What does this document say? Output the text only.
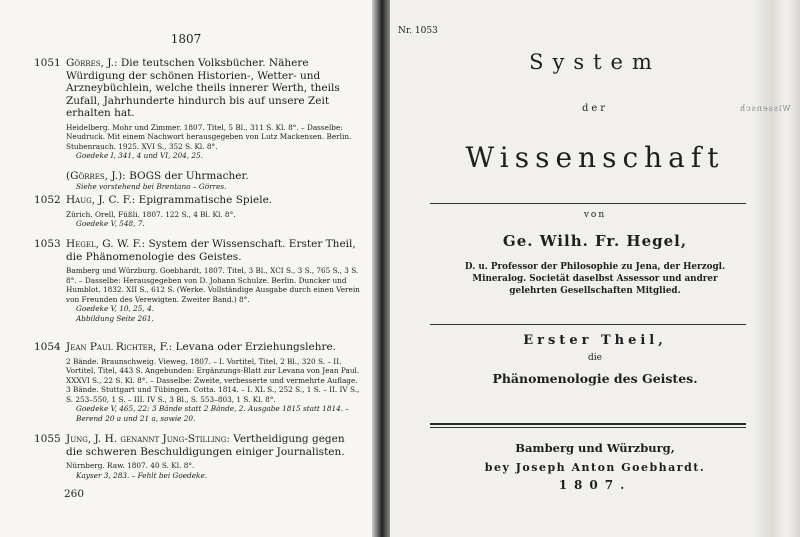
1807
1051 Görres, J.: Die teutschen Volksbücher. Nähere Würdigung der schönen Historien-, Wetter- und Arzneybüchlein, welche theils innerer Werth, theils Zufall, Jahrhunderte hindurch bis auf unsere Zeit erhalten hat.
Heidelberg. Mohr und Zimmer. 1807. Titel, 5 Bl., 311 S. Kl. 8°. – Dasselbe: Neudruck. Mit einem Nachwort herausgegeben von Lutz Mackensen. Berlin. Stubenrauch. 1925. XVI S., 352 S. Kl. 8°.
Goedeke I, 341, 4 und VI, 204, 25.
(Görres, J.): BOGS der Uhrmacher.
Siehe vorstehend bei Brentano – Görres.
1052 Haug, J. C. F.: Epigrammatische Spiele.
Zürich. Orell, Füßli. 1807. 122 S., 4 Bl. Kl. 8°.
Goedeke V, 548, 7.
1053 Hegel, G. W. F.: System der Wissenschaft. Erster Theil, die Phänomenologie des Geistes.
Bamberg und Würzburg. Goebhardt, 1807. Titel, 3 Bl., XCI S., 3 S., 765 S., 3 S. 8°. – Dasselbe: Herausgegeben von D. Johann Schulze. Berlin. Duncker und Humblot. 1832. XII S., 612 S. (Werke. Vollständige Ausgabe durch einen Verein von Freunden des Verewigten. Zweiter Band.) 8°.
Goedeke V, 10, 25, 4.
Abbildung Seite 261.
1054 Jean Paul Richter, F.: Levana oder Erziehungslehre.
2 Bände. Braunschweig. Vieweg. 1807. – I. Vortitel, Titel, 2 Bl., 320 S. – II. Vortitel, Titel, 443 S. Angebunden: Ergänzungs-Blatt zur Levana von Jean Paul. XXXVI S., 22 S. Kl. 8°. – Dasselbe: Zweite, verbesserte und vermehrte Auflage. 3 Bände. Stuttgart und Tübingen. Cotta. 1814. – I. XL S., 252 S., 1 S. – II. IV S., S. 253–550, 1 S. – III. IV S., 3 Bl., S. 553–803, 1 S. Kl. 8°.
Goedeke V, 465, 22: 3 Bände statt 2 Bände, 2. Ausgabe 1815 statt 1814. – Berend 20 a und 21 a, sowie 20.
1055 Jung, J. H. genannt Jung-Stilling: Vertheidigung gegen die schweren Beschuldigungen einiger Journalisten.
Nürnberg. Raw. 1807. 40 S. Kl. 8°.
Kayser 3, 283. – Fehlt bei Goedeke.
260
Nr. 1053
System
der
Wissenschaft
von
Ge. Wilh. Fr. Hegel,
D. u. Professor der Philosophie zu Jena, der Herzogl.
Mineralog. Societät daselbst Assessor und andrer
gelehrten Gesellschaften Mitglied.
Erster Theil,
die
Phänomenologie des Geistes.
Bamberg und Würzburg,
bey Joseph Anton Goebhardt.
1807.
Wissensch
